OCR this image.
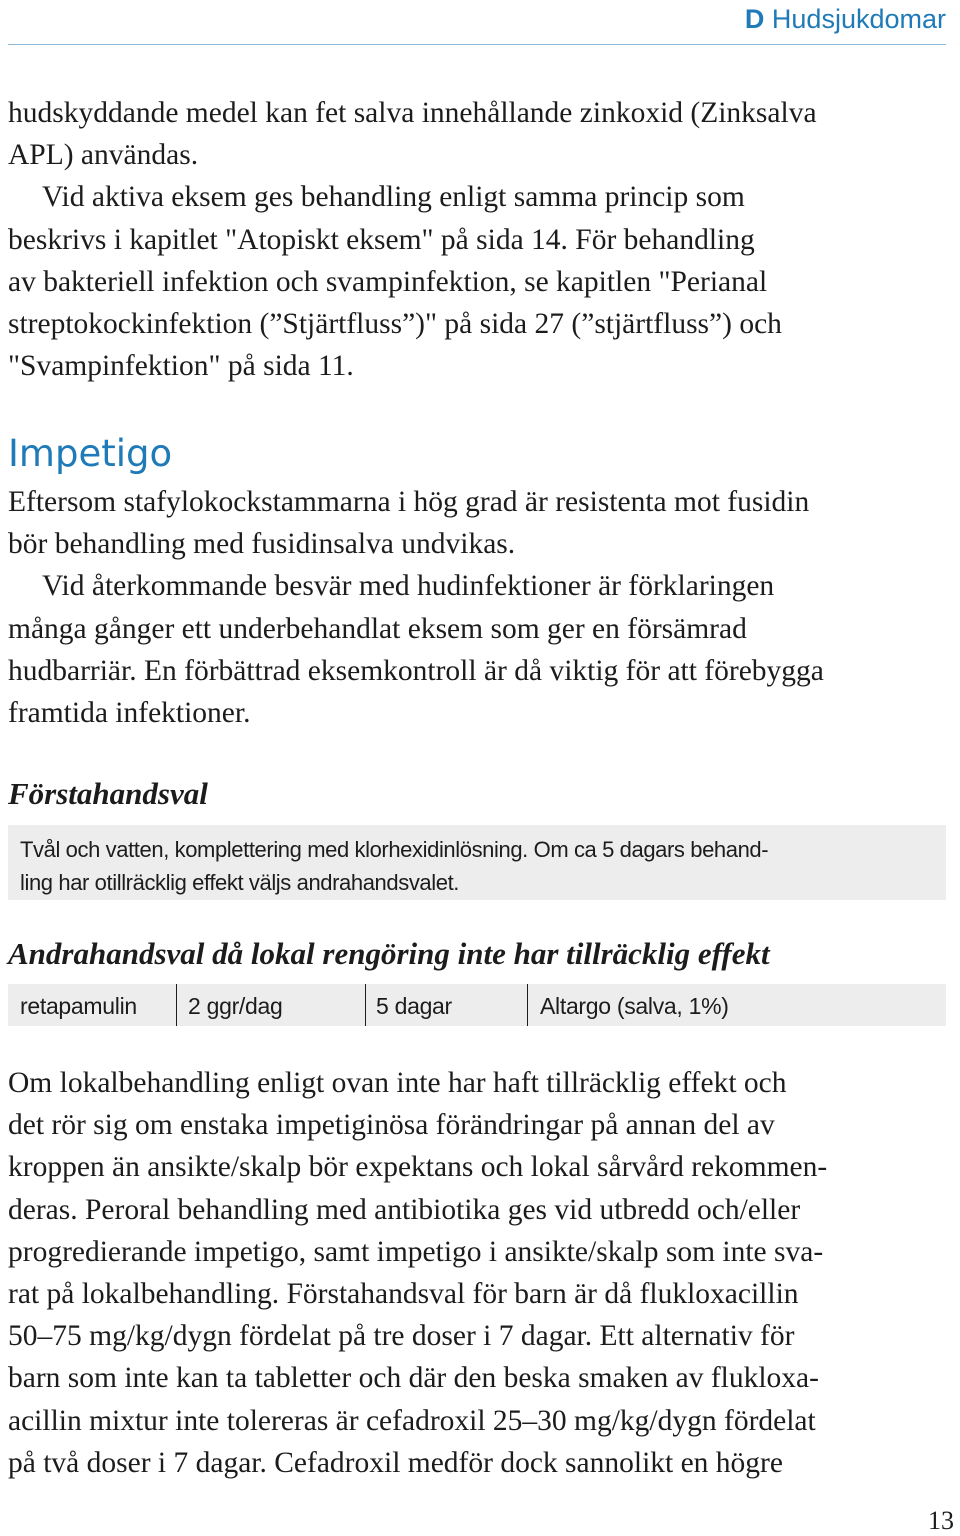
D Hudsjukdomar
hudskyddande medel kan fet salva innehållande zinkoxid (Zinksalva
APL) användas.
Vid aktiva eksem ges behandling enligt samma princip som
beskrivs i kapitlet "Atopiskt eksem" på sida 14. För behandling
av bakteriell infektion och svampinfektion, se kapitlen "Perianal
streptokockinfektion (”Stjärtfluss”)" på sida 27 (”stjärtfluss”) och
"Svampinfektion" på sida 11.
Impetigo
Eftersom stafylokockstammarna i hög grad är resistenta mot fusidin
bör behandling med fusidinsalva undvikas.
Vid återkommande besvär med hudinfektioner är förklaringen
många gånger ett underbehandlat eksem som ger en försämrad
hudbarriär. En förbättrad eksemkontroll är då viktig för att förebygga
framtida infektioner.
Förstahandsval
Tvål och vatten, komplettering med klorhexidinlösning. Om ca 5 dagars behand-
ling har otillräcklig effekt väljs andrahandsvalet.
Andrahandsval då lokal rengöring inte har tillräcklig effekt
retapamulin 2 ggr/dag	5 dagar	Altargo (salva, 1%)
Om lokalbehandling enligt ovan inte har haft tillräcklig effekt och
det rör sig om enstaka impetiginösa förändringar på annan del av
kroppen än ansikte/skalp bör expektans och lokal sårvård rekommen-
deras. Peroral behandling med antibiotika ges vid utbredd och/eller
progredierande impetigo, samt impetigo i ansikte/skalp som inte sva-
rat på lokalbehandling. Förstahandsval för barn är då flukloxacillin
50–75 mg/kg/dygn fördelat på tre doser i 7 dagar. Ett alternativ för
barn som inte kan ta tabletter och där den beska smaken av flukloxa-
acillin mixtur inte tolereras är cefadroxil 25–30 mg/kg/dygn fördelat
på två doser i 7 dagar. Cefadroxil medför dock sannolikt en högre
13
